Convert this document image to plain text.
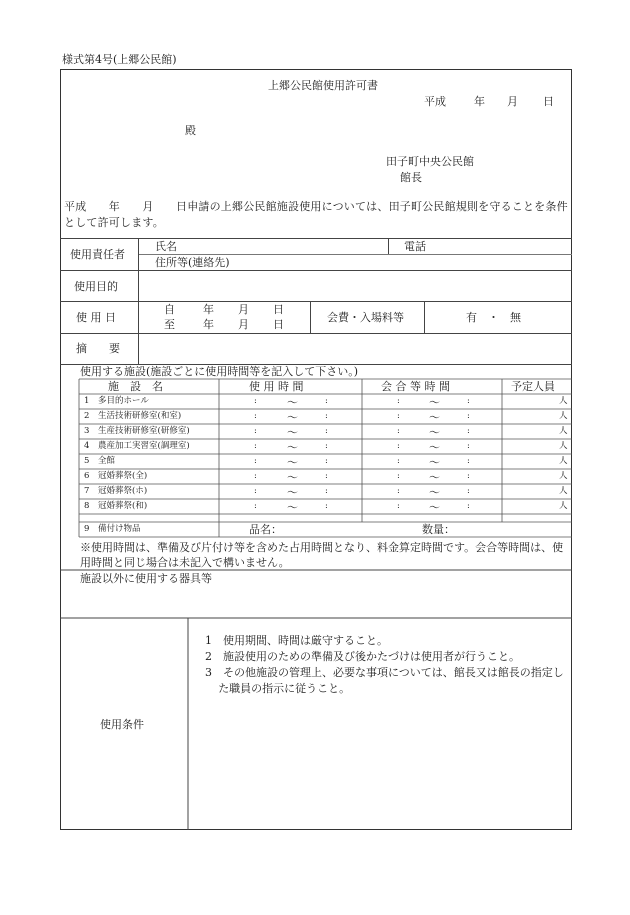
様式第4号(上郷公民館)
上郷公民館使用許可書
平成	年 月 日
殿
田子町中央公民館
館長
平成　　年　　月　　日申請の上郷公民館施設使用については、田子町公民館規則を守ることを条件として許可します。
使用責任者
氏名	電話
住所等(連絡先)
使用目的
使 用 日
自	年 月 日
至	年 月 日
会費・入場料等	有　・　無
摘　　要
使用する施設(施設ごとに使用時間等を記入して下さい。)
施　設　名	使 用 時 間	会 合 等 時 間	予定人員
1 多目的ホール	:	〜	:	:	〜	:	人
2 生活技術研修室(和室)	:	〜	:	:	〜	:	人
3 生産技術研修室(研修室)	:	〜	:	:	〜	:	人
4 農産加工実習室(調理室)	:	〜	:	:	〜	:	人
5 全館	:	〜	:	:	〜	:	人
6 冠婚葬祭(全)	:	〜	:	:	〜	:	人
7 冠婚葬祭(ホ)	:	〜	:	:	〜	:	人
8 冠婚葬祭(和)	:	〜	:	:	〜	:	人
9 備付け物品	品名：	数量：
※使用時間は、準備及び片付け等を含めた占用時間となり、料金算定時間です。会合等時間は、使用時間と同じ場合は未記入で構いません。
施設以外に使用する器具等
使用条件
1　使用期間、時間は厳守すること。
2　施設使用のための準備及び後かたづけは使用者が行うこと。
3　その他施設の管理上、必要な事項については、館長又は館長の指定した職員の指示に従うこと。
